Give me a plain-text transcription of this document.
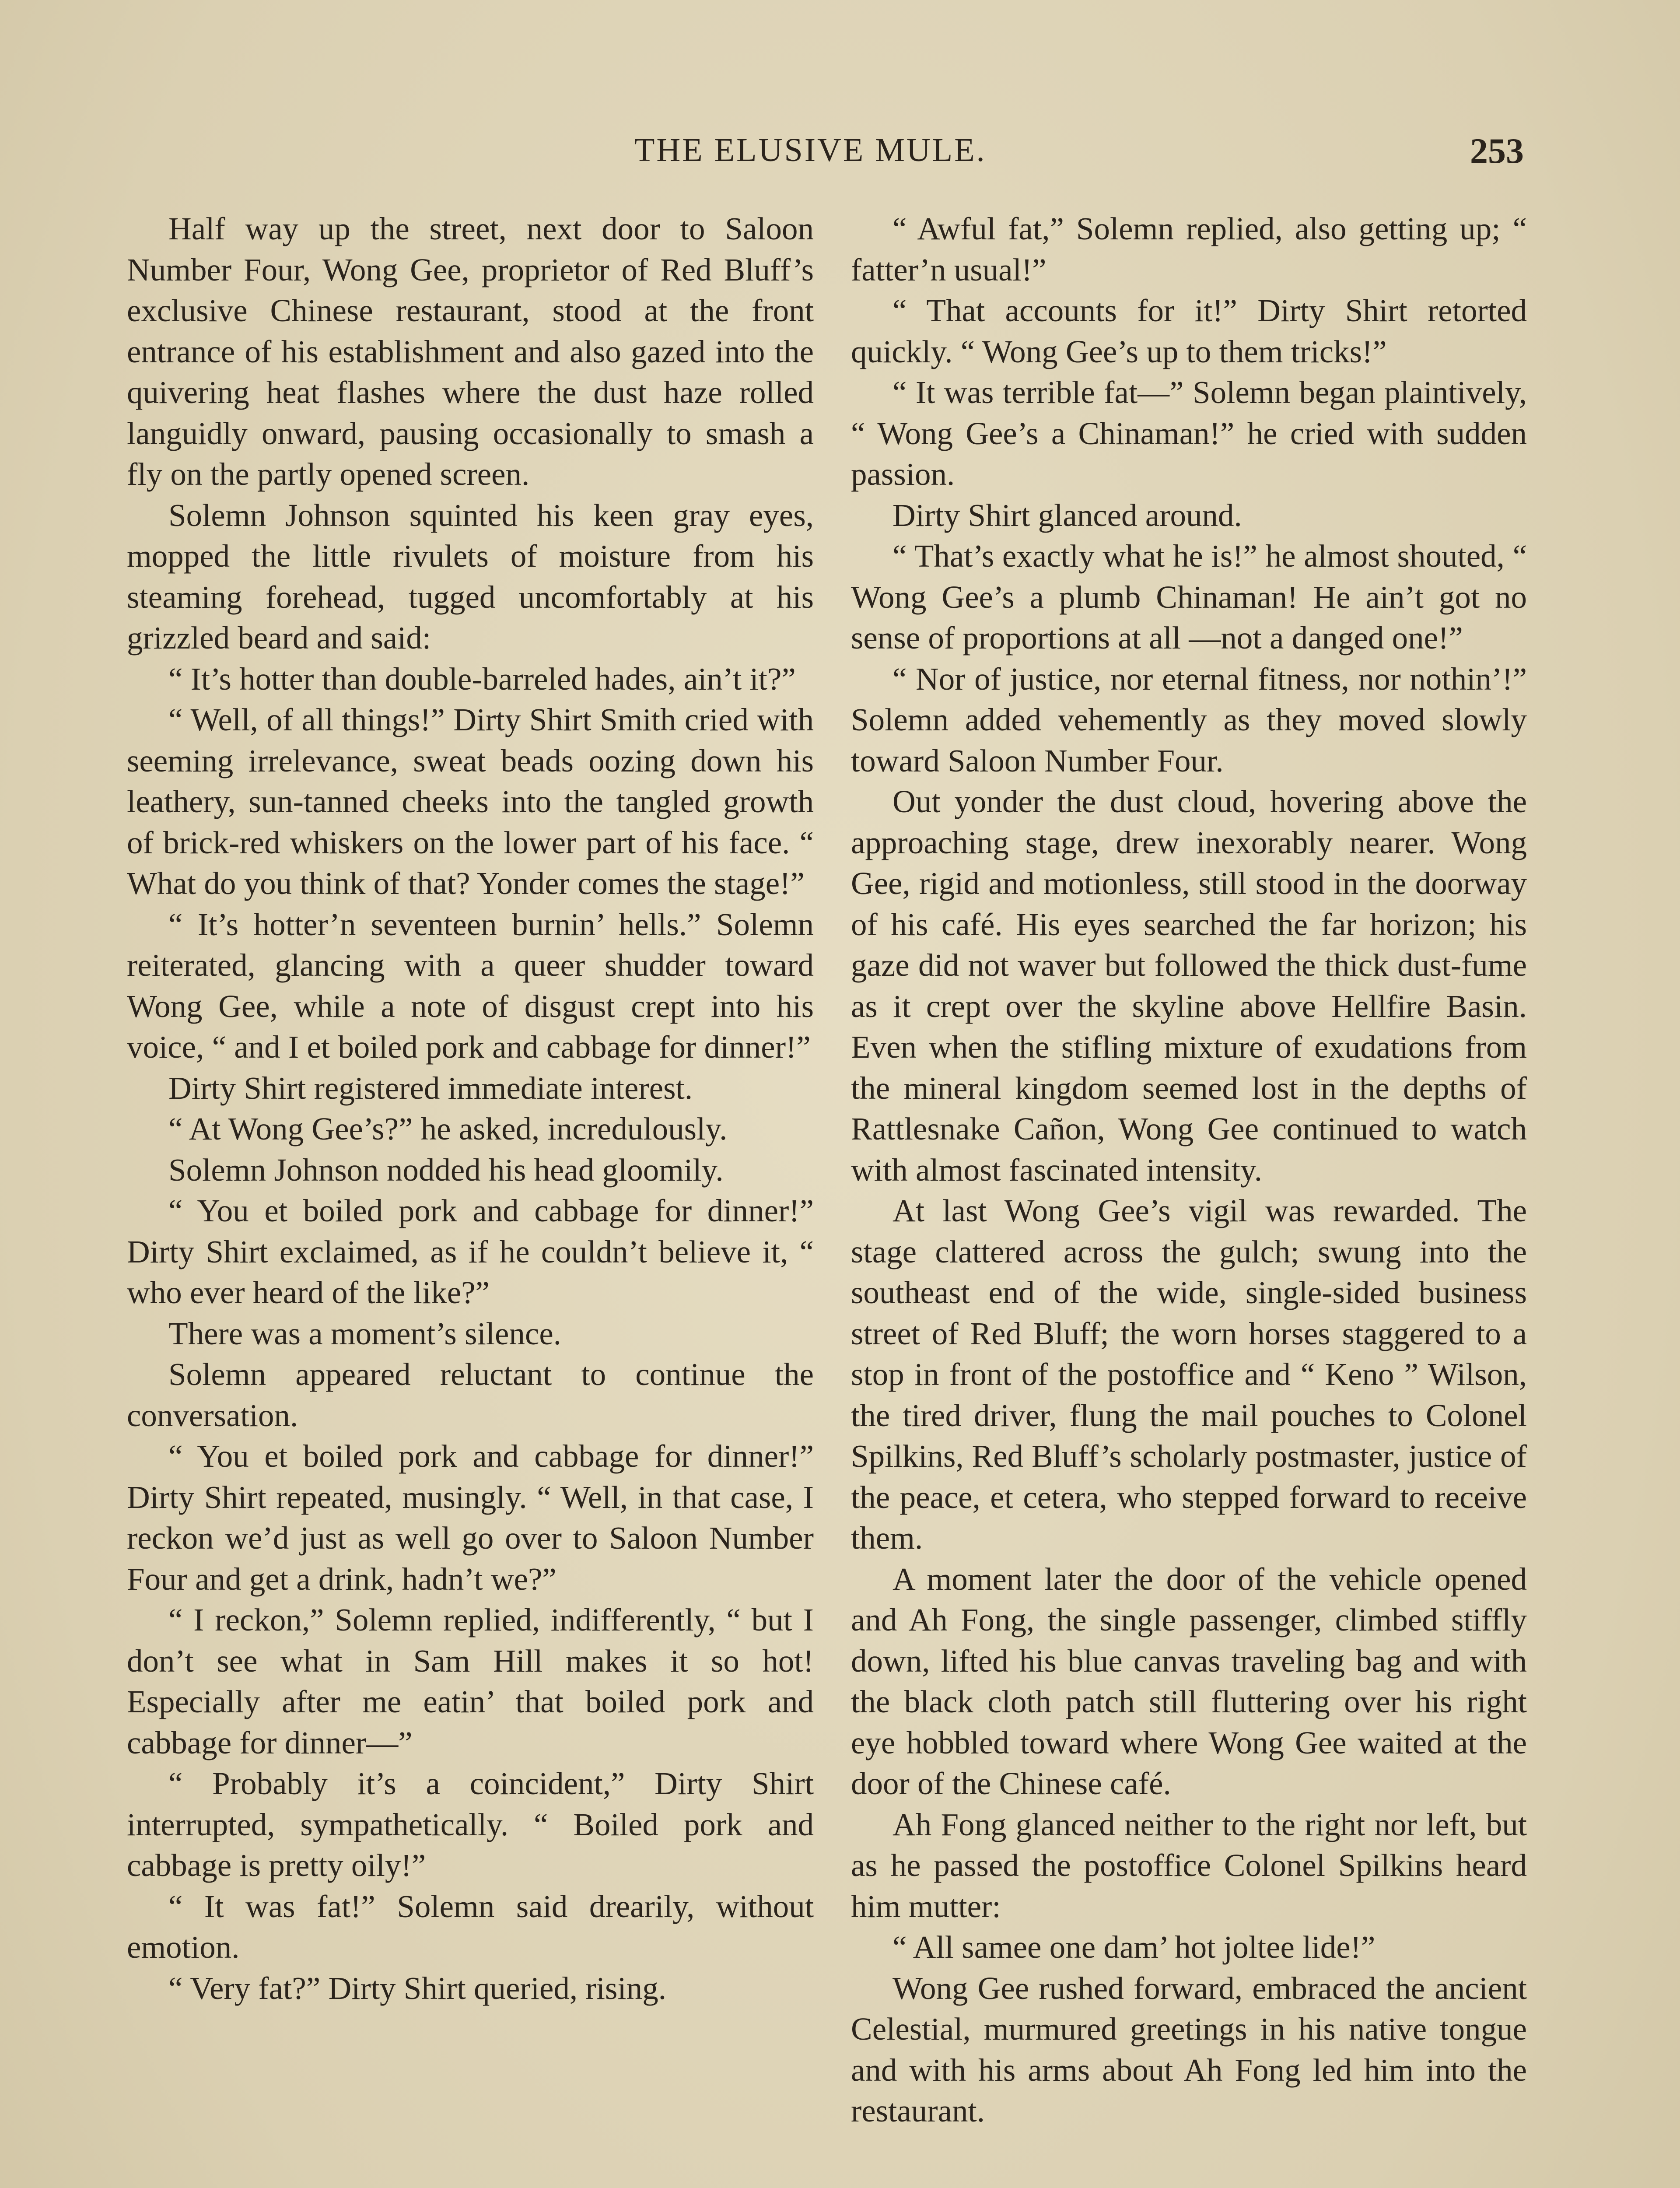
THE ELUSIVE MULE.	253

Half way up the street, next door to Saloon Number Four, Wong Gee, proprietor of Red Bluff’s exclusive Chinese restaurant, stood at the front entrance of his establishment and also gazed into the quivering heat flashes where the dust haze rolled languidly onward, pausing occasionally to smash a fly on the partly opened screen.

Solemn Johnson squinted his keen gray eyes, mopped the little rivulets of moisture from his steaming forehead, tugged uncomfortably at his grizzled beard and said:

“ It’s hotter than double-barreled hades, ain’t it?”

“ Well, of all things!” Dirty Shirt Smith cried with seeming irrelevance, sweat beads oozing down his leathery, sun-tanned cheeks into the tangled growth of brick-red whiskers on the lower part of his face. “ What do you think of that? Yonder comes the stage!”

“ It’s hotter’n seventeen burnin’ hells.” Solemn reiterated, glancing with a queer shudder toward Wong Gee, while a note of disgust crept into his voice, “ and I et boiled pork and cabbage for dinner!”

Dirty Shirt registered immediate interest.

“ At Wong Gee’s?” he asked, incredulously.

Solemn Johnson nodded his head gloomily.

“ You et boiled pork and cabbage for dinner!” Dirty Shirt exclaimed, as if he couldn’t believe it, “ who ever heard of the like?”

There was a moment’s silence.

Solemn appeared reluctant to continue the conversation.

“ You et boiled pork and cabbage for dinner!” Dirty Shirt repeated, musingly. “ Well, in that case, I reckon we’d just as well go over to Saloon Number Four and get a drink, hadn’t we?”

“ I reckon,” Solemn replied, indifferently, “ but I don’t see what in Sam Hill makes it so hot! Especially after me eatin’ that boiled pork and cabbage for dinner—”

“ Probably it’s a coincident,” Dirty Shirt interrupted, sympathetically. “ Boiled pork and cabbage is pretty oily!”

“ It was fat!” Solemn said drearily, without emotion.

“ Very fat?” Dirty Shirt queried, rising.

“ Awful fat,” Solemn replied, also getting up; “ fatter’n usual!”

“ That accounts for it!” Dirty Shirt retorted quickly. “ Wong Gee’s up to them tricks!”

“ It was terrible fat—” Solemn began plaintively, “ Wong Gee’s a Chinaman!” he cried with sudden passion.

Dirty Shirt glanced around.

“ That’s exactly what he is!” he almost shouted, “ Wong Gee’s a plumb Chinaman! He ain’t got no sense of proportions at all —not a danged one!”

“ Nor of justice, nor eternal fitness, nor nothin’!” Solemn added vehemently as they moved slowly toward Saloon Number Four.

Out yonder the dust cloud, hovering above the approaching stage, drew inexorably nearer. Wong Gee, rigid and motionless, still stood in the doorway of his café. His eyes searched the far horizon; his gaze did not waver but followed the thick dust-fume as it crept over the skyline above Hellfire Basin. Even when the stifling mixture of exudations from the mineral kingdom seemed lost in the depths of Rattlesnake Cañon, Wong Gee continued to watch with almost fascinated intensity.

At last Wong Gee’s vigil was rewarded. The stage clattered across the gulch; swung into the southeast end of the wide, single-sided business street of Red Bluff; the worn horses staggered to a stop in front of the postoffice and “ Keno ” Wilson, the tired driver, flung the mail pouches to Colonel Spilkins, Red Bluff’s scholarly postmaster, justice of the peace, et cetera, who stepped forward to receive them.

A moment later the door of the vehicle opened and Ah Fong, the single passenger, climbed stiffly down, lifted his blue canvas traveling bag and with the black cloth patch still fluttering over his right eye hobbled toward where Wong Gee waited at the door of the Chinese café.

Ah Fong glanced neither to the right nor left, but as he passed the postoffice Colonel Spilkins heard him mutter:

“ All samee one dam’ hot joltee lide!”

Wong Gee rushed forward, embraced the ancient Celestial, murmured greetings in his native tongue and with his arms about Ah Fong led him into the restaurant.
